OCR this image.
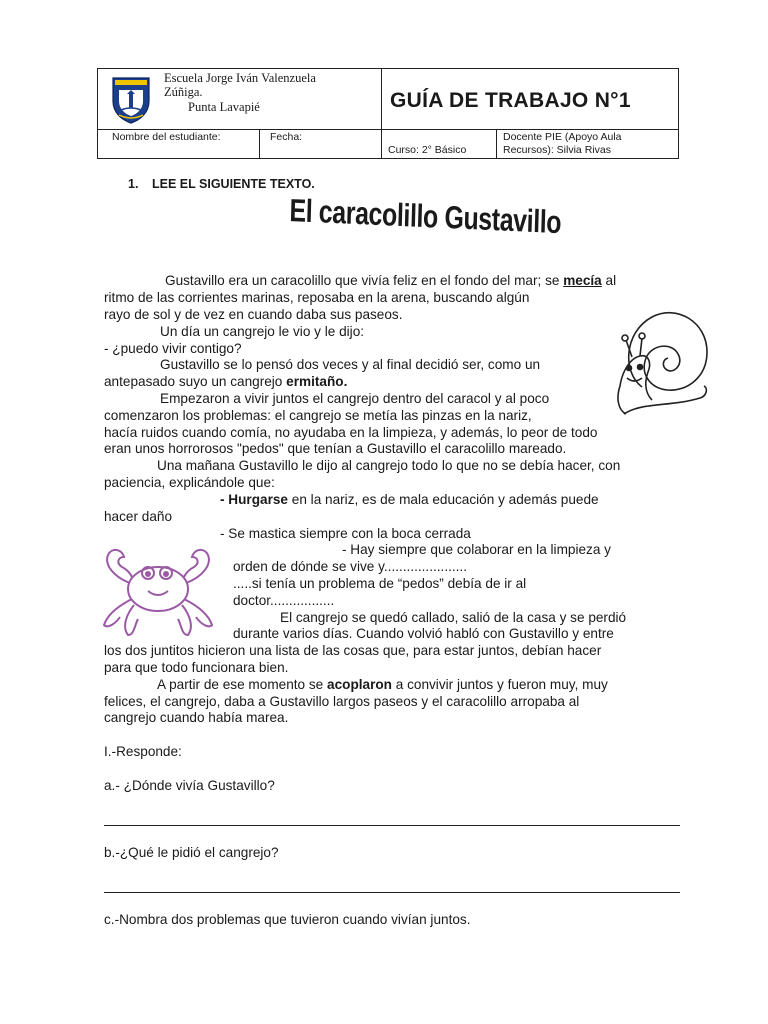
Escuela Jorge Iván Valenzuela
Zúñiga.
Punta Lavapié	GUÍA DE TRABAJO N°1
Nombre del estudiante:	Fecha:
Curso: 2° Básico
Docente PIE (Apoyo Aula
Recursos): Silvia Rivas
1. LEE EL SIGUIENTE TEXTO.
El caracolillo Gustavillo
Gustavillo era un caracolillo que vivía feliz en el fondo del mar; se mecía al
ritmo de las corrientes marinas, reposaba en la arena, buscando algún
rayo de sol y de vez en cuando daba sus paseos.
Un día un cangrejo le vio y le dijo:
- ¿puedo vivir contigo?
Gustavillo se lo pensó dos veces y al final decidió ser, como un
antepasado suyo un cangrejo ermitaño.
Empezaron a vivir juntos el cangrejo dentro del caracol y al poco
comenzaron los problemas: el cangrejo se metía las pinzas en la nariz,
hacía ruidos cuando comía, no ayudaba en la limpieza, y además, lo peor de todo
eran unos horrorosos "pedos" que tenían a Gustavillo el caracolillo mareado.
Una mañana Gustavillo le dijo al cangrejo todo lo que no se debía hacer, con
paciencia, explicándole que:
- Hurgarse en la nariz, es de mala educación y además puede
hacer daño
- Se mastica siempre con la boca cerrada
- Hay siempre que colaborar en la limpieza y
orden de dónde se vive y......................
.....si tenía un problema de “pedos” debía de ir al
doctor.................
El cangrejo se quedó callado, salió de la casa y se perdió
durante varios días. Cuando volvió habló con Gustavillo y entre
los dos juntitos hicieron una lista de las cosas que, para estar juntos, debían hacer
para que todo funcionara bien.
A partir de ese momento se acoplaron a convivir juntos y fueron muy, muy
felices, el cangrejo, daba a Gustavillo largos paseos y el caracolillo arropaba al
cangrejo cuando había marea.
I.-Responde:
a.- ¿Dónde vivía Gustavillo?
b.-¿Qué le pidió el cangrejo?
c.-Nombra dos problemas que tuvieron cuando vivían juntos.
